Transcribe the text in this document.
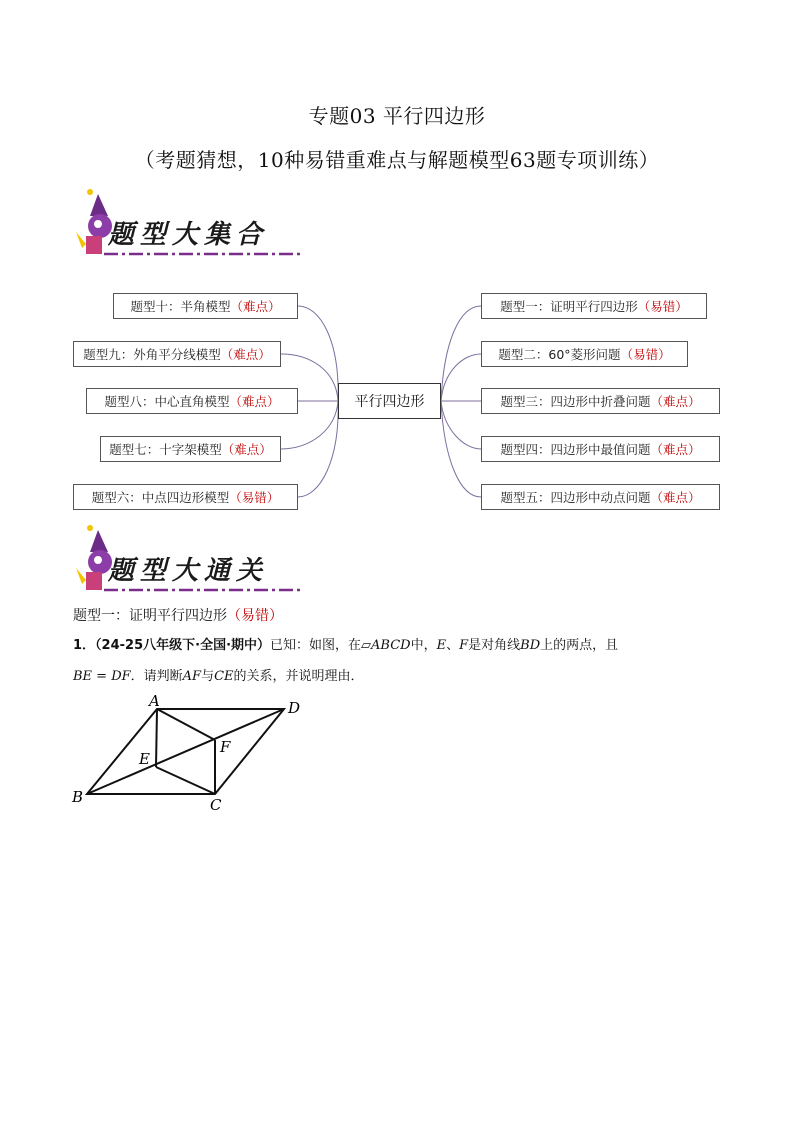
专题03 平行四边形
（考题猜想，10种易错重难点与解题模型63题专项训练）
题型大集合
题型十：半角模型（难点）
题型九：外角平分线模型（难点）
题型八：中心直角模型（难点）
题型七：十字架模型（难点）
题型六：中点四边形模型（易错）
平行四边形
题型一：证明平行四边形（易错）
题型二：60°菱形问题（易错）
题型三：四边形中折叠问题（难点）
题型四：四边形中最值问题（难点）
题型五：四边形中动点问题（难点）
题型大通关
题型一：证明平行四边形（易错）
1．（24-25八年级下·全国·期中）已知：如图，在▱ABCD中，E、F是对角线BD上的两点，且
BE = DF．请判断AF与CE的关系，并说明理由．
A	D
F
E
B	C
